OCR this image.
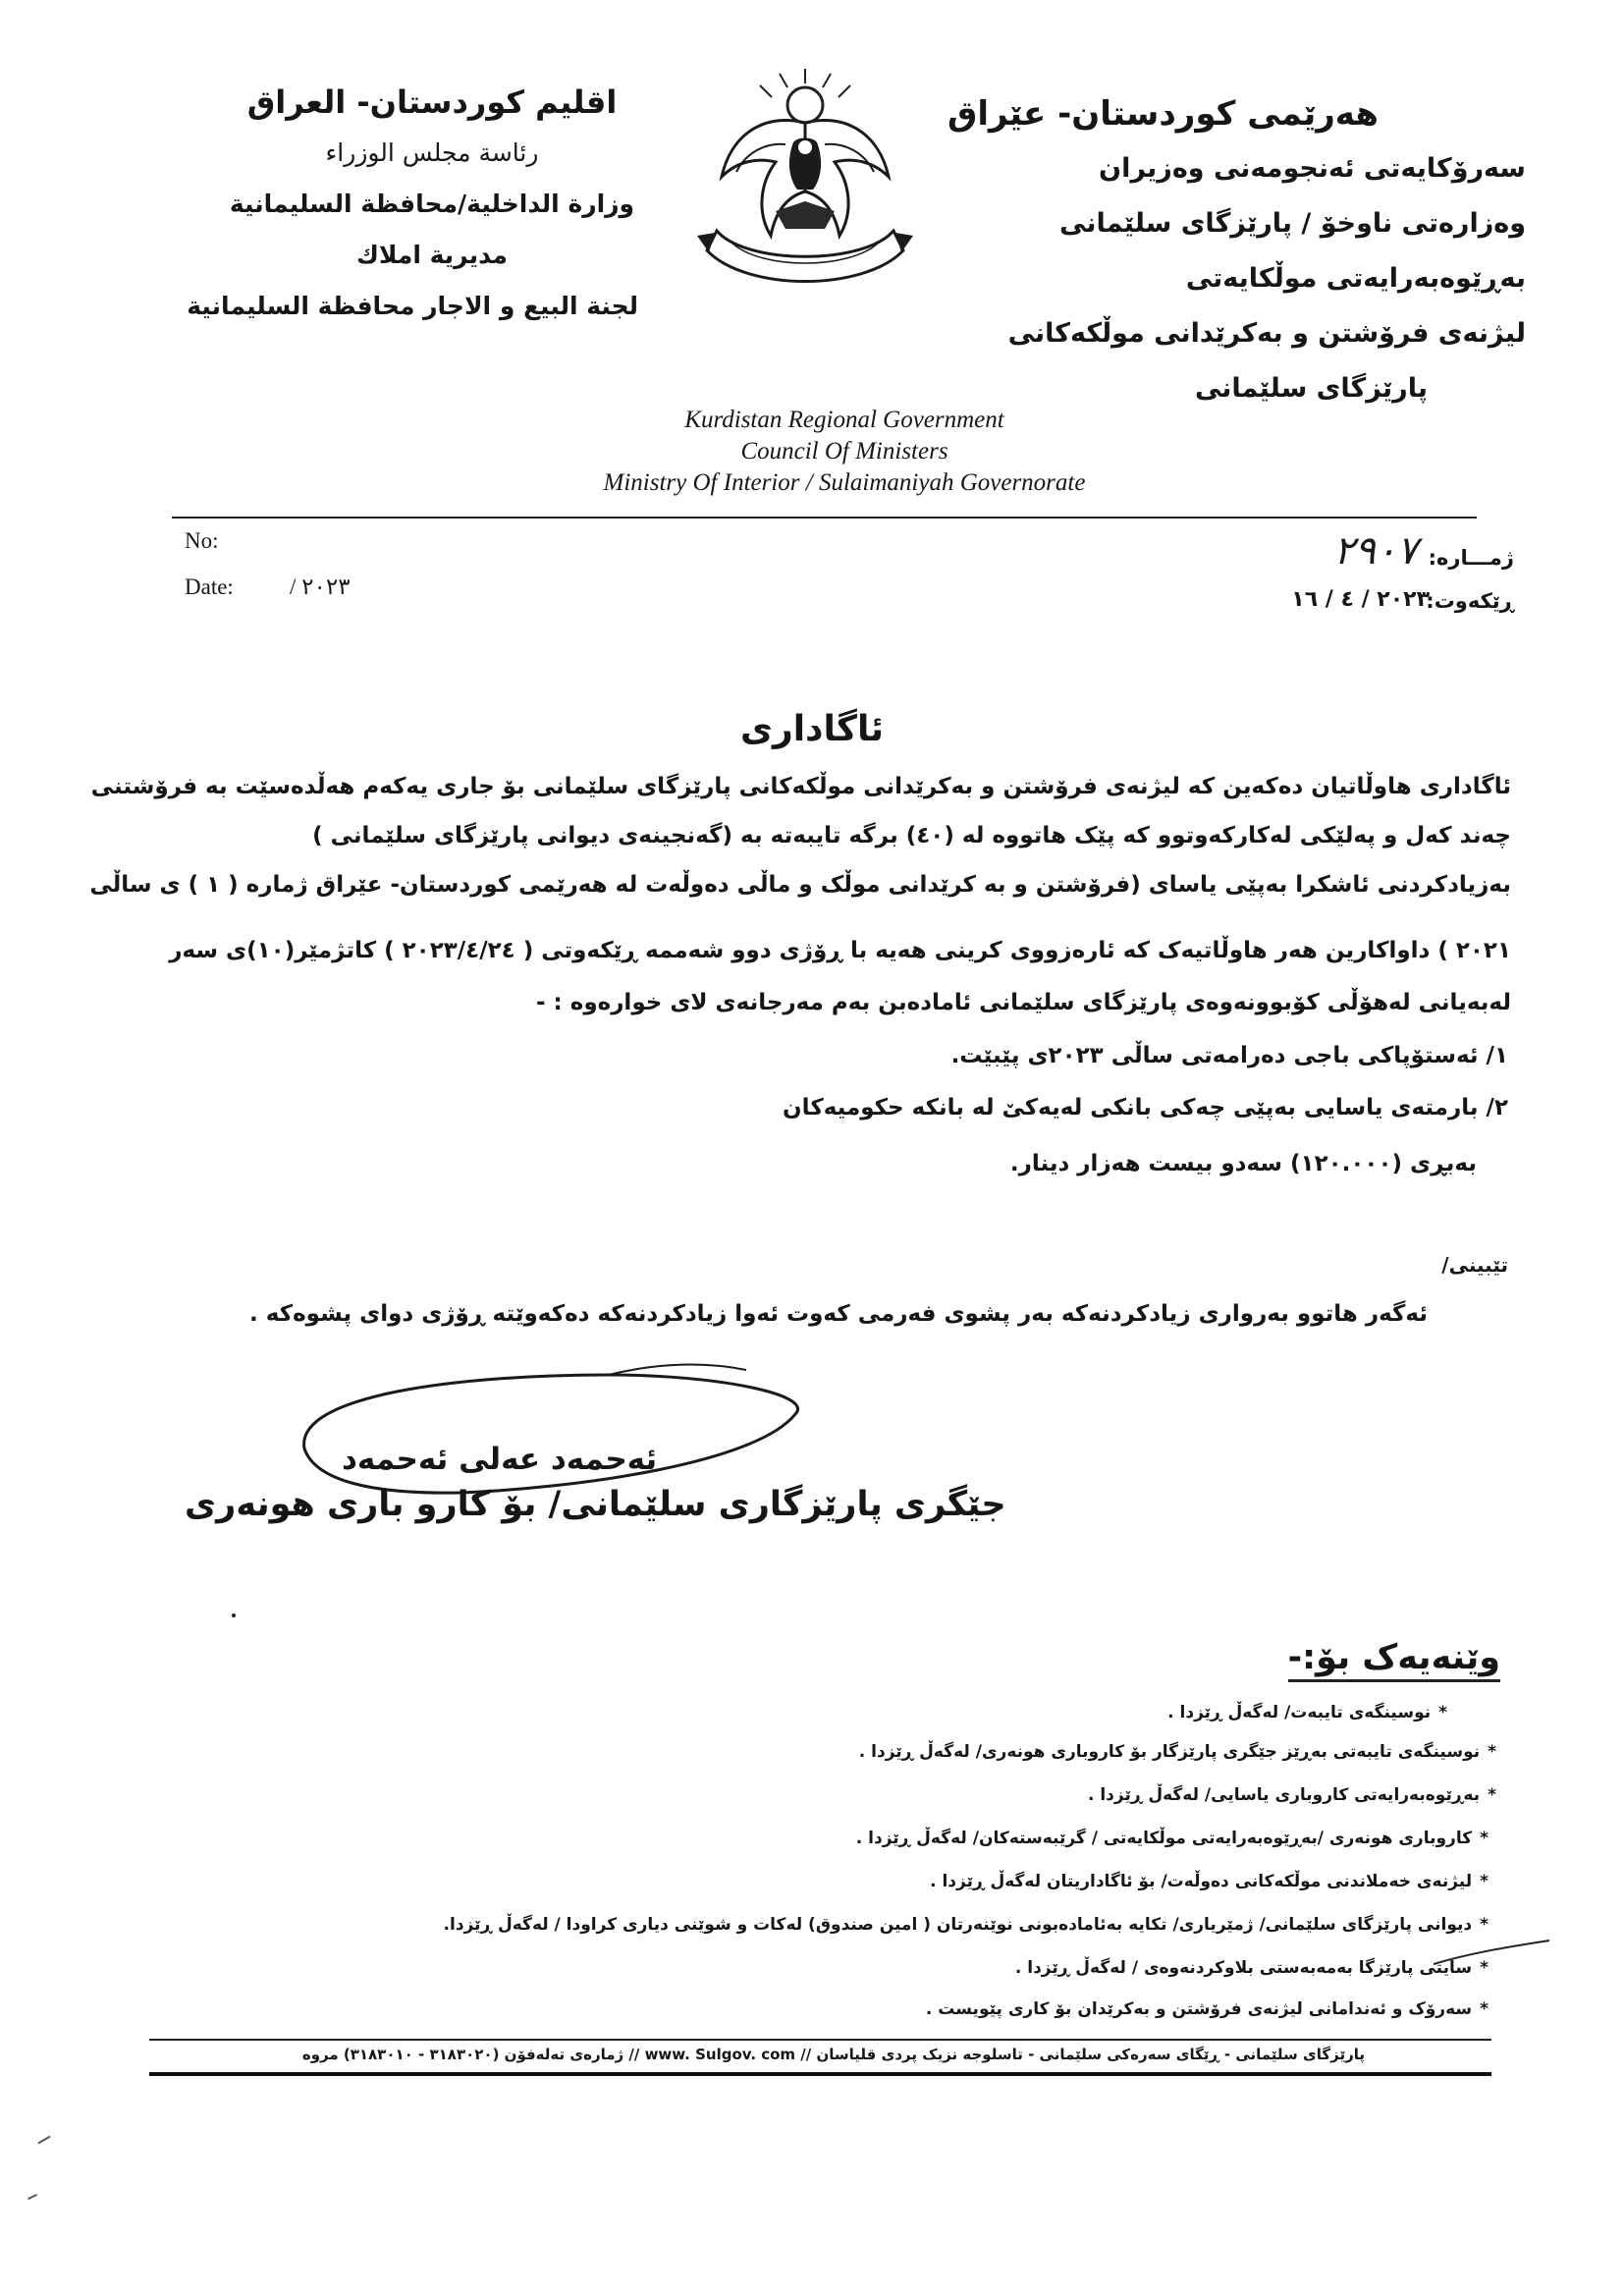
هەرێمی کوردستان- عێراق
سەرۆکایەتی ئەنجومەنی وەزیران
وەزارەتی ناوخۆ / پارێزگای سلێمانی
بەڕێوەبەرایەتی موڵکایەتی
لیژنەی فرۆشتن و بەکرێدانی موڵکەکانی
پارێزگای سلێمانی
اقليم كوردستان- العراق
رئاسة مجلس الوزراء
وزارة الداخلية/محافظة السليمانية
مديرية املاك
لجنة البيع و الاجار محافظة السليمانية
Kurdistan Regional Government
Council Of Ministers
Ministry Of Interior / Sulaimaniyah Governorate
No:
Date: / ٢٠٢٣
ژمـــاره:
٢٩٠٧
ڕێکەوت:
٢٠٢٣ / ٤ / ١٦
ئاگاداری
ئاگاداری هاوڵاتیان دەکەین کە لیژنەی فرۆشتن و بەکرێدانی موڵکەکانی پارێزگای سلێمانی بۆ جاری یەکەم هەڵدەسێت بە فرۆشتنی
چەند کەل و پەلێکی لەکارکەوتوو کە پێک هاتووە لە (٤٠) برگە تایبەتە بە (گەنجینەی دیوانی پارێزگای سلێمانی )
بەزیادکردنی ئاشکرا بەپێی یاسای (فرۆشتن و بە کرێدانی موڵک و ماڵی دەوڵەت لە هەرێمی کوردستان- عێراق ژمارە ( ١ ) ی ساڵی
٢٠٢١ ) داواکارین هەر هاوڵاتیەک کە ئارەزووی کرینی هەیە با ڕۆژی دوو شەممە ڕێکەوتی ( ٢٠٢٣/٤/٢٤ ) کاتژمێر(١٠)ی سەر
لەبەیانی لەهۆڵی کۆبوونەوەی پارێزگای سلێمانی ئامادەبن بەم مەرجانەی لای خوارەوە : -
١/ ئەستۆپاکی باجی دەرامەتی ساڵی ٢٠٢٣ی پێبێت.
٢/ بارمتەی یاسایی بەپێی چەکی بانکی لەیەکێ لە بانکە حکومیەکان
بەبڕی (١٢٠.٠٠٠) سەدو بیست هەزار دینار.
تێبینی/
ئەگەر هاتوو بەرواری زیادکردنەکە بەر پشوی فەرمی کەوت ئەوا زیادکردنەکە دەکەوێتە ڕۆژی دوای پشوەکە .
ئەحمەد عەلی ئەحمەد
جێگری پارێزگاری سلێمانی/ بۆ کارو باری هونەری
وێنەیەک بۆ:-
*نوسینگەی تایبەت/ لەگەڵ ڕێزدا .
*نوسینگەی تایبەتی بەڕێز جێگری پارێزگار بۆ کاروباری هونەری/ لەگەڵ ڕێزدا .
*بەڕێوەبەرایەتی کاروباری یاسایی/ لەگەڵ ڕێزدا .
*کاروباری هونەری /بەڕێوەبەرایەتی موڵکایەتی / گرێبەستەکان/ لەگەڵ ڕێزدا .
*لیژنەی خەملاندنی موڵکەکانی دەوڵەت/ بۆ ئاگاداریتان لەگەڵ ڕێزدا .
*دیوانی پارێزگای سلێمانی/ ژمێریاری/ تکایە بەئامادەبونی نوێنەرتان ( امین صندوق) لەکات و شوێنی دیاری کراودا / لەگەڵ ڕێزدا.
*سایتی پارێزگا بەمەبەستی بلاوکردنەوەی / لەگەڵ ڕێزدا .
*سەرۆک و ئەندامانی لیژنەی فرۆشتن و بەکرێدان بۆ کاری پێویست .
پارێزگای سلێمانی - ڕێگای سەرەکی سلێمانی - تاسلوجە نزیک پردی قلیاسان // www. Sulgov. com // ژمارەی تەلەفۆن (٣١٨٣٠٢٠ - ٣١٨٣٠١٠) مروە
